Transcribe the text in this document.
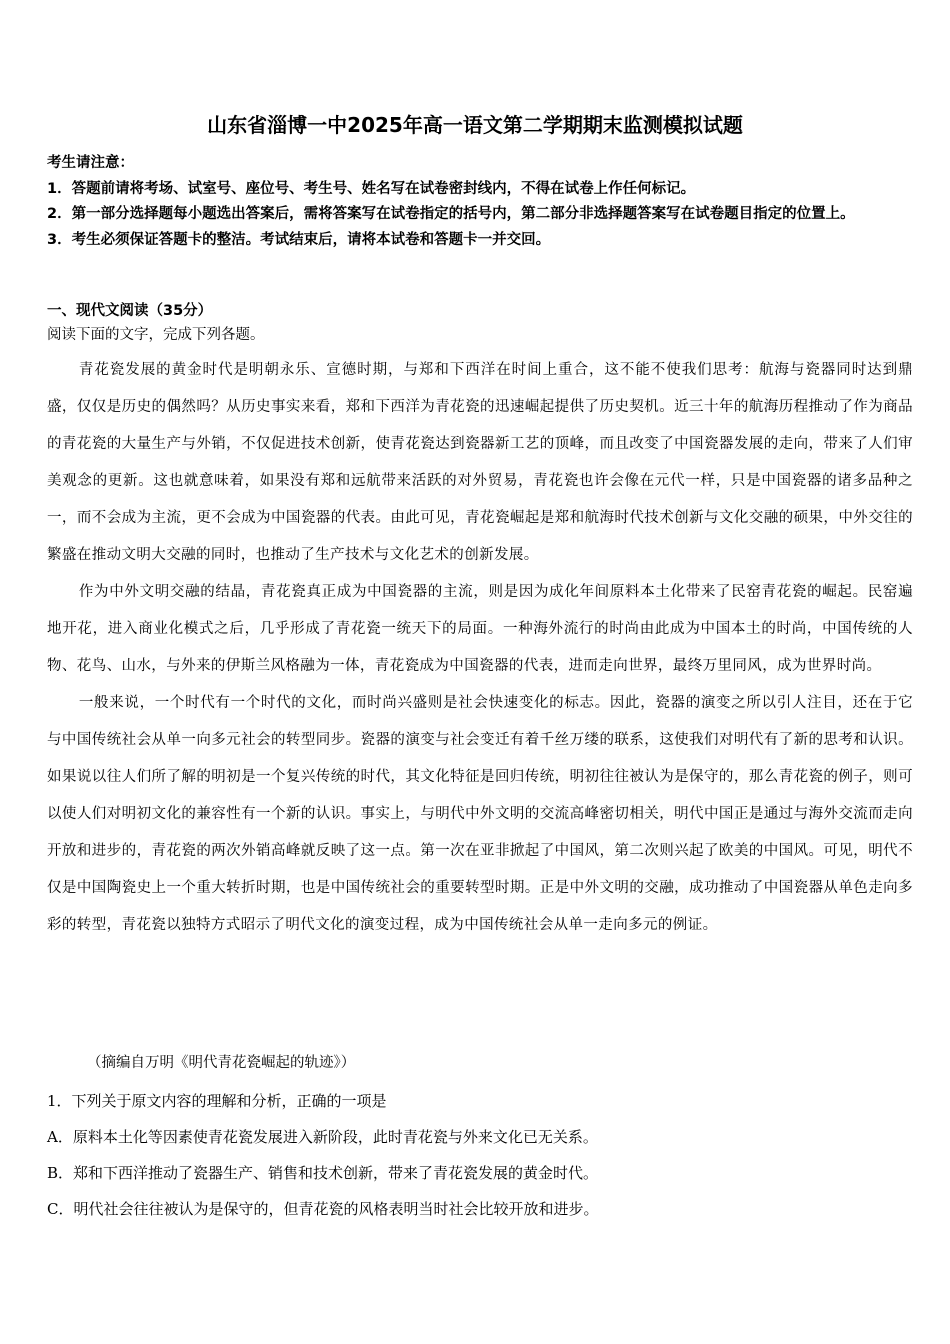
山东省淄博一中2025年高一语文第二学期期末监测模拟试题
考生请注意：
1．答题前请将考场、试室号、座位号、考生号、姓名写在试卷密封线内，不得在试卷上作任何标记。
2．第一部分选择题每小题选出答案后，需将答案写在试卷指定的括号内，第二部分非选择题答案写在试卷题目指定的位置上。
3．考生必须保证答题卡的整洁。考试结束后，请将本试卷和答题卡一并交回。
一、现代文阅读（35分）
阅读下面的文字，完成下列各题。

青花瓷发展的黄金时代是明朝永乐、宣德时期，与郑和下西洋在时间上重合，这不能不使我们思考：航海与瓷器同时达到鼎盛，仅仅是历史的偶然吗？从历史事实来看，郑和下西洋为青花瓷的迅速崛起提供了历史契机。近三十年的航海历程推动了作为商品的青花瓷的大量生产与外销，不仅促进技术创新，使青花瓷达到瓷器新工艺的顶峰，而且改变了中国瓷器发展的走向，带来了人们审美观念的更新。这也就意味着，如果没有郑和远航带来活跃的对外贸易，青花瓷也许会像在元代一样，只是中国瓷器的诸多品种之一，而不会成为主流，更不会成为中国瓷器的代表。由此可见，青花瓷崛起是郑和航海时代技术创新与文化交融的硕果，中外交往的繁盛在推动文明大交融的同时，也推动了生产技术与文化艺术的创新发展。

作为中外文明交融的结晶，青花瓷真正成为中国瓷器的主流，则是因为成化年间原料本土化带来了民窑青花瓷的崛起。民窑遍地开花，进入商业化模式之后，几乎形成了青花瓷一统天下的局面。一种海外流行的时尚由此成为中国本土的时尚，中国传统的人物、花鸟、山水，与外来的伊斯兰风格融为一体，青花瓷成为中国瓷器的代表，进而走向世界，最终万里同风，成为世界时尚。

一般来说，一个时代有一个时代的文化，而时尚兴盛则是社会快速变化的标志。因此，瓷器的演变之所以引人注目，还在于它与中国传统社会从单一向多元社会的转型同步。瓷器的演变与社会变迁有着千丝万缕的联系，这使我们对明代有了新的思考和认识。如果说以往人们所了解的明初是一个复兴传统的时代，其文化特征是回归传统，明初往往被认为是保守的，那么青花瓷的例子，则可以使人们对明初文化的兼容性有一个新的认识。事实上，与明代中外文明的交流高峰密切相关，明代中国正是通过与海外交流而走向开放和进步的，青花瓷的两次外销高峰就反映了这一点。第一次在亚非掀起了中国风，第二次则兴起了欧美的中国风。可见，明代不仅是中国陶瓷史上一个重大转折时期，也是中国传统社会的重要转型时期。正是中外文明的交融，成功推动了中国瓷器从单色走向多彩的转型，青花瓷以独特方式昭示了明代文化的演变过程，成为中国传统社会从单一走向多元的例证。

（摘编自万明《明代青花瓷崛起的轨迹》）
1．下列关于原文内容的理解和分析，正确的一项是
A．原料本土化等因素使青花瓷发展进入新阶段，此时青花瓷与外来文化已无关系。
B．郑和下西洋推动了瓷器生产、销售和技术创新，带来了青花瓷发展的黄金时代。
C．明代社会往往被认为是保守的，但青花瓷的风格表明当时社会比较开放和进步。
